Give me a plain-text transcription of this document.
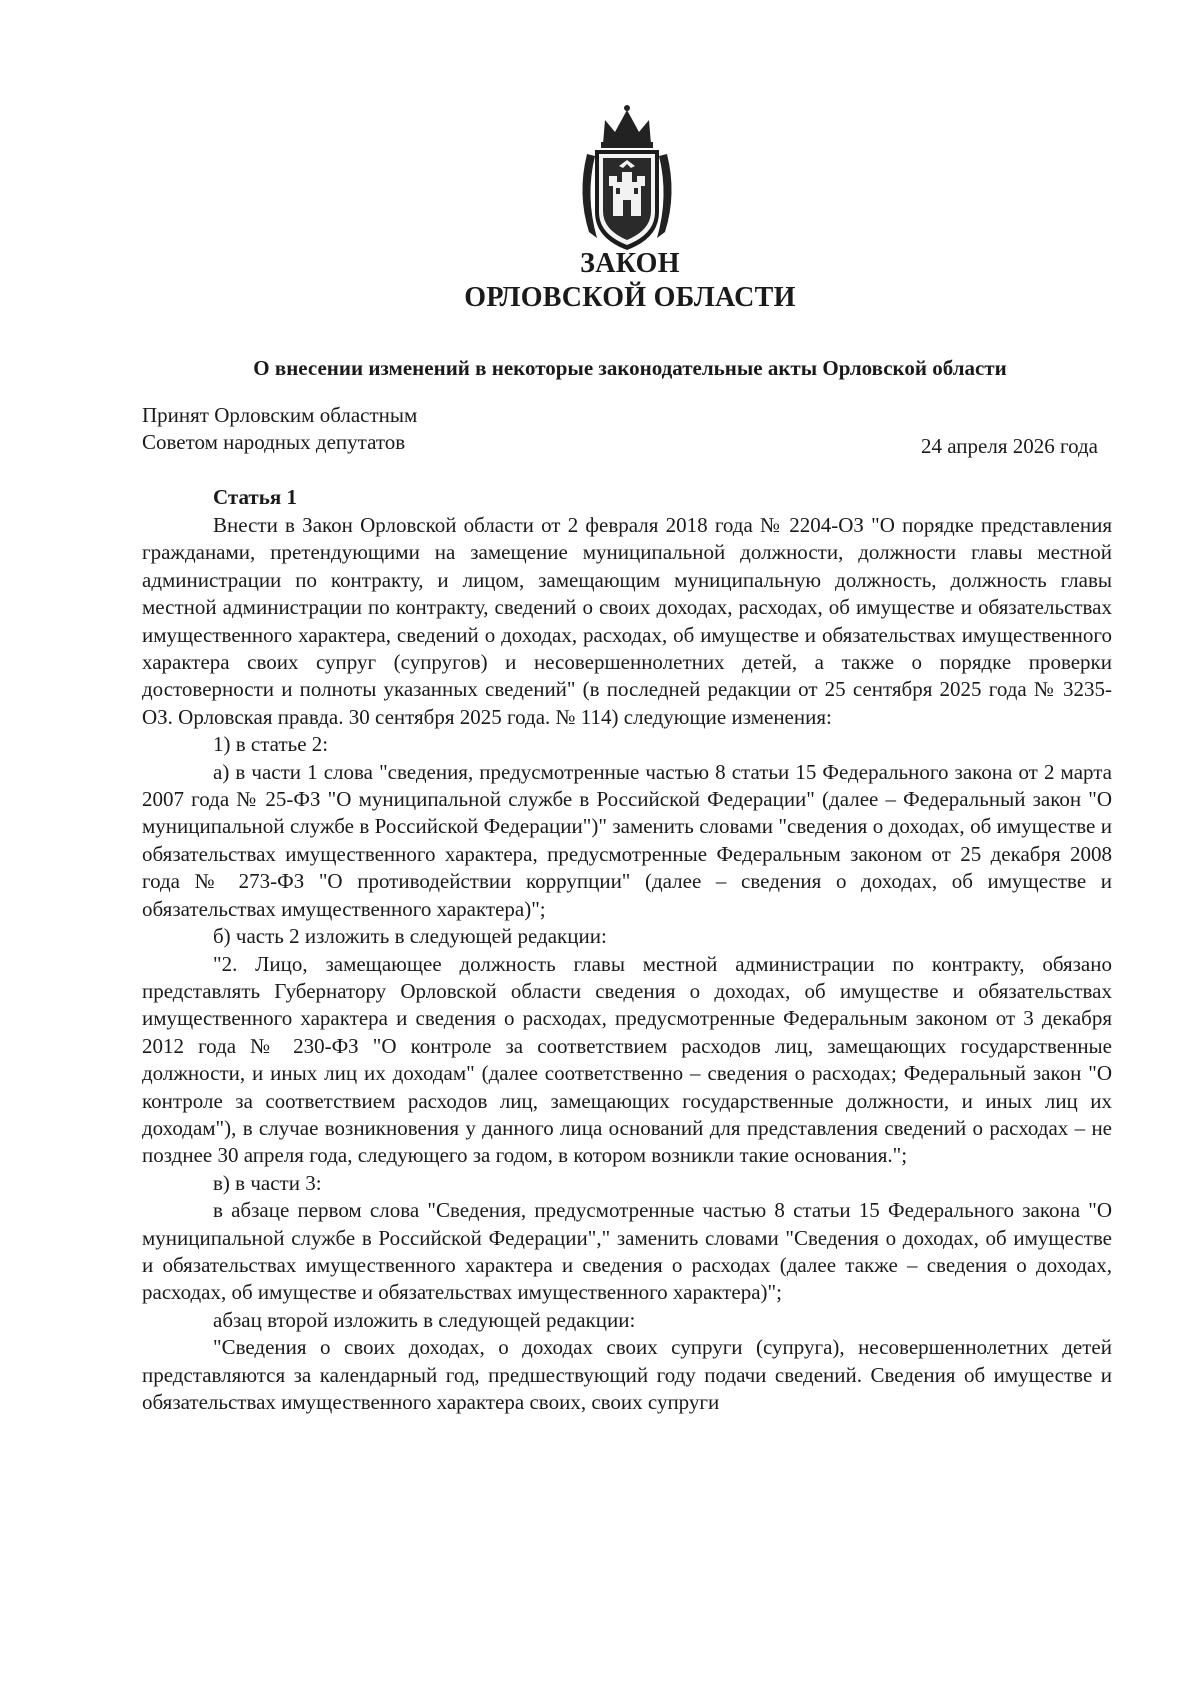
ЗАКОН
ОРЛОВСКОЙ ОБЛАСТИ
О внесении изменений в некоторые законодательные акты Орловской области
Принят Орловским областным
Советом народных депутатов	24 апреля 2026 года
Статья 1

Внести в Закон Орловской области от 2 февраля 2018 года № 2204-ОЗ "О порядке представления гражданами, претендующими на замещение муниципальной должности, должности главы местной администрации по контракту, и лицом, замещающим муниципальную должность, должность главы местной администрации по контракту, сведений о своих доходах, расходах, об имуществе и обязательствах имущественного характера, сведений о доходах, расходах, об имуществе и обязательствах имущественного характера своих супруг (супругов) и несовершеннолетних детей, а также о порядке проверки достоверности и полноты указанных сведений" (в последней редакции от 25 сентября 2025 года № 3235-ОЗ. Орловская правда. 30 сентября 2025 года. № 114) следующие изменения:

1) в статье 2:

а) в части 1 слова "сведения, предусмотренные частью 8 статьи 15 Федерального закона от 2 марта 2007 года № 25-ФЗ "О муниципальной службе в Российской Федерации" (далее – Федеральный закон "О муниципальной службе в Российской Федерации")" заменить словами "сведения о доходах, об имуществе и обязательствах имущественного характера, предусмотренные Федеральным законом от 25 декабря 2008 года № 273-ФЗ "О противодействии коррупции" (далее – сведения о доходах, об имуществе и обязательствах имущественного характера)";

б) часть 2 изложить в следующей редакции:

"2. Лицо, замещающее должность главы местной администрации по контракту, обязано представлять Губернатору Орловской области сведения о доходах, об имуществе и обязательствах имущественного характера и сведения о расходах, предусмотренные Федеральным законом от 3 декабря 2012 года № 230-ФЗ "О контроле за соответствием расходов лиц, замещающих государственные должности, и иных лиц их доходам" (далее соответственно – сведения о расходах; Федеральный закон "О контроле за соответствием расходов лиц, замещающих государственные должности, и иных лиц их доходам"), в случае возникновения у данного лица оснований для представления сведений о расходах – не позднее 30 апреля года, следующего за годом, в котором возникли такие основания.";

в) в части 3:

в абзаце первом слова "Сведения, предусмотренные частью 8 статьи 15 Федерального закона "О муниципальной службе в Российской Федерации"," заменить словами "Сведения о доходах, об имуществе и обязательствах имущественного характера и сведения о расходах (далее также – сведения о доходах, расходах, об имуществе и обязательствах имущественного характера)";

абзац второй изложить в следующей редакции:

"Сведения о своих доходах, о доходах своих супруги (супруга), несовершеннолетних детей представляются за календарный год, предшествующий году подачи сведений. Сведения об имуществе и обязательствах имущественного характера своих, своих супруги
